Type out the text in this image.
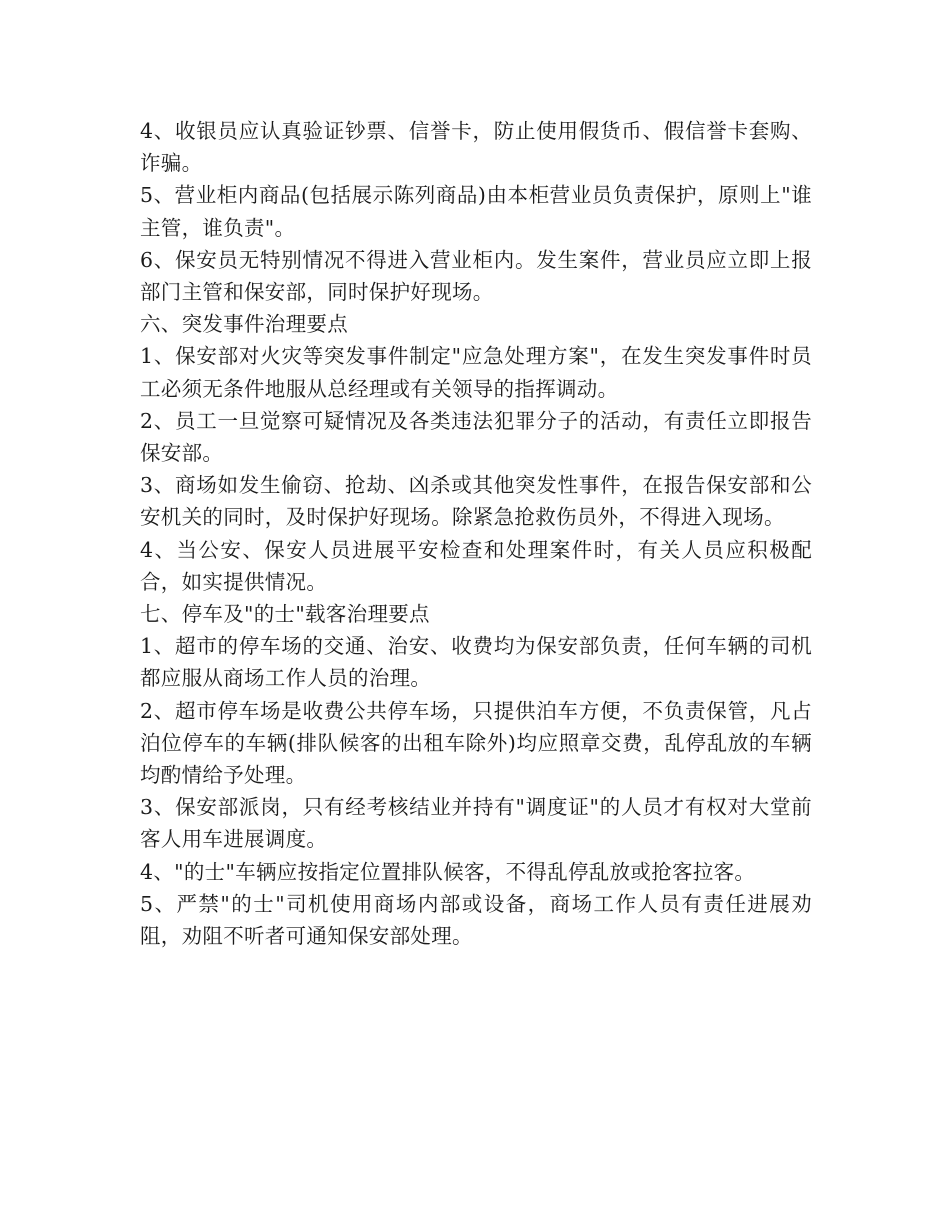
4、收银员应认真验证钞票、信誉卡，防止使用假货币、假信誉卡套购、诈骗。

5、营业柜内商品(包括展示陈列商品)由本柜营业员负责保护，原则上"谁主管，谁负责"。

6、保安员无特别情况不得进入营业柜内。发生案件，营业员应立即上报部门主管和保安部，同时保护好现场。

六、突发事件治理要点

1、保安部对火灾等突发事件制定"应急处理方案"，在发生突发事件时员工必须无条件地服从总经理或有关领导的指挥调动。

2、员工一旦觉察可疑情况及各类违法犯罪分子的活动，有责任立即报告保安部。

3、商场如发生偷窃、抢劫、凶杀或其他突发性事件，在报告保安部和公安机关的同时，及时保护好现场。除紧急抢救伤员外，不得进入现场。

4、当公安、保安人员进展平安检查和处理案件时，有关人员应积极配合，如实提供情况。

七、停车及"的士"载客治理要点

1、超市的停车场的交通、治安、收费均为保安部负责，任何车辆的司机都应服从商场工作人员的治理。

2、超市停车场是收费公共停车场，只提供泊车方便，不负责保管，凡占泊位停车的车辆(排队候客的出租车除外)均应照章交费，乱停乱放的车辆均酌情给予处理。

3、保安部派岗，只有经考核结业并持有"调度证"的人员才有权对大堂前客人用车进展调度。

4、"的士"车辆应按指定位置排队候客，不得乱停乱放或抢客拉客。

5、严禁"的士"司机使用商场内部或设备，商场工作人员有责任进展劝阻，劝阻不听者可通知保安部处理。
